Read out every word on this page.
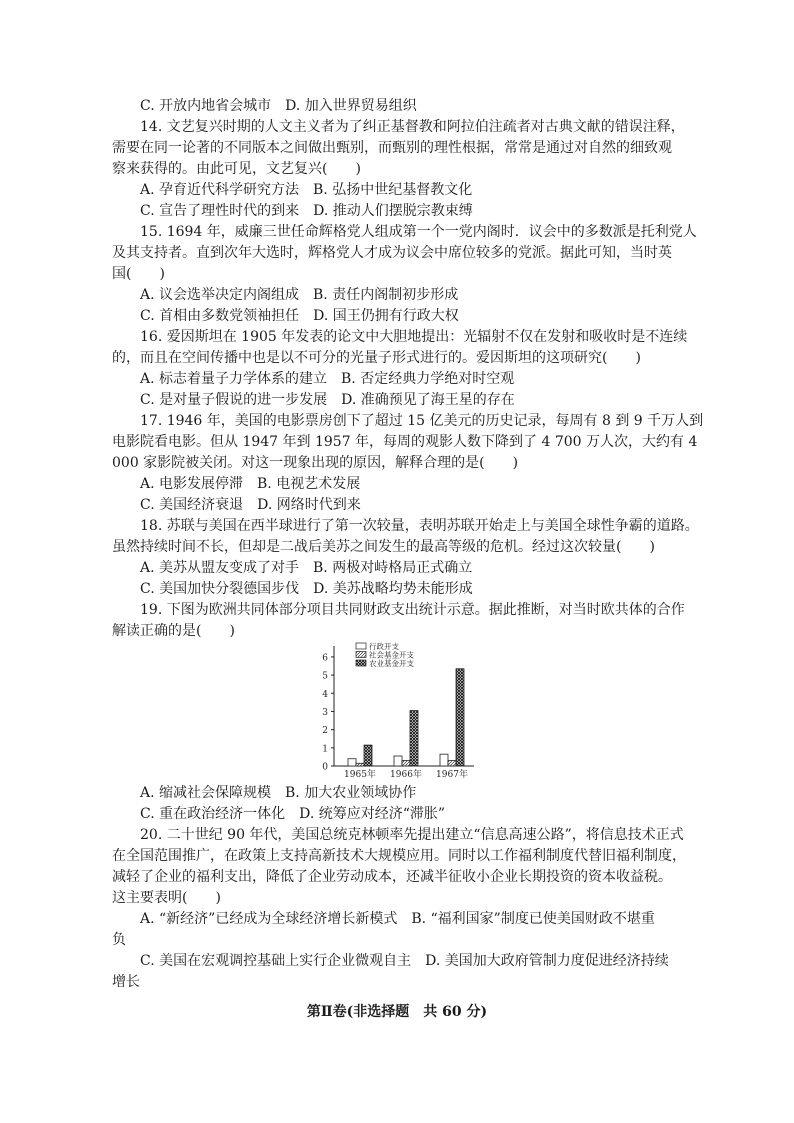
C. 开放内地省会城市　D. 加入世界贸易组织
14. 文艺复兴时期的人文主义者为了纠正基督教和阿拉伯注疏者对古典文献的错误注释，
需要在同一论著的不同版本之间做出甄别，而甄别的理性根据，常常是通过对自然的细致观
察来获得的。由此可见，文艺复兴(　　)
A. 孕育近代科学研究方法　B. 弘扬中世纪基督教文化
C. 宣告了理性时代的到来　D. 推动人们摆脱宗教束缚
15. 1694 年，威廉三世任命辉格党人组成第一个一党内阁时．议会中的多数派是托利党人
及其支持者。直到次年大选时，辉格党人才成为议会中席位较多的党派。据此可知，当时英
国(　　)
A. 议会选举决定内阁组成　B. 责任内阁制初步形成
C. 首相由多数党领袖担任　D. 国王仍拥有行政大权
16. 爱因斯坦在 1905 年发表的论文中大胆地提出：光辐射不仅在发射和吸收时是不连续
的，而且在空间传播中也是以不可分的光量子形式进行的。爱因斯坦的这项研究(　　)
A. 标志着量子力学体系的建立　B. 否定经典力学绝对时空观
C. 是对量子假说的进一步发展　D. 准确预见了海王星的存在
17. 1946 年，美国的电影票房创下了超过 15 亿美元的历史记录，每周有 8 到 9 千万人到
电影院看电影。但从 1947 年到 1957 年，每周的观影人数下降到了 4 700 万人次，大约有 4
000 家影院被关闭。对这一现象出现的原因，解释合理的是(　　)
A. 电影发展停滞　B. 电视艺术发展
C. 美国经济衰退　D. 网络时代到来
18. 苏联与美国在西半球进行了第一次较量，表明苏联开始走上与美国全球性争霸的道路。
虽然持续时间不长，但却是二战后美苏之间发生的最高等级的危机。经过这次较量(　　)
A. 美苏从盟友变成了对手　B. 两极对峙格局正式确立
C. 美国加快分裂德国步伐　D. 美苏战略均势未能形成
19. 下图为欧洲共同体部分项目共同财政支出统计示意。据此推断，对当时欧共体的合作
解读正确的是(　　)
0
1
2
3
4
5
6
1965年 1966年 1967年
行政开支
社会基金开支
农业基金开支
A. 缩减社会保障规模　B. 加大农业领域协作
C. 重在政治经济一体化　D. 统筹应对经济“滞胀”
20. 二十世纪 90 年代，美国总统克林顿率先提出建立“信息高速公路”，将信息技术正式
在全国范围推广，在政策上支持高新技术大规模应用。同时以工作福利制度代替旧福利制度，
减轻了企业的福利支出，降低了企业劳动成本，还减半征收小企业长期投资的资本收益税。
这主要表明(　　)
A. “新经济”已经成为全球经济增长新模式　B. “福利国家”制度已使美国财政不堪重
负
C. 美国在宏观调控基础上实行企业微观自主　D. 美国加大政府管制力度促进经济持续
增长
第Ⅱ卷(非选择题　共 60 分)
